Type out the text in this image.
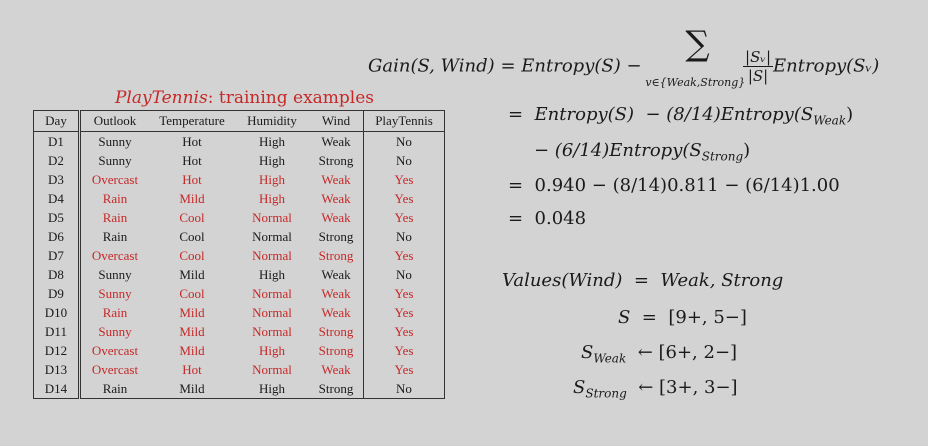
PlayTennis: training examples
Day	Outlook	Temperature	Humidity	Wind	PlayTennis
D1	Sunny	Hot	High	Weak	No
D2	Sunny	Hot	High	Strong	No
D3	Overcast	Hot	High	Weak	Yes
D4	Rain	Mild	High	Weak	Yes
D5	Rain	Cool	Normal	Weak	Yes
D6	Rain	Cool	Normal	Strong	No
D7	Overcast	Cool	Normal	Strong	Yes
D8	Sunny	Mild	High	Weak	No
D9	Sunny	Cool	Normal	Weak	Yes
D10	Rain	Mild	Normal	Weak	Yes
D11	Sunny	Mild	Normal	Strong	Yes
D12	Overcast	Mild	High	Strong	Yes
D13	Overcast	Hot	Normal	Weak	Yes
D14	Rain	Mild	High	Strong	No
Gain(S, Wind) = Entropy(S) −
∑
v∈{Weak,Strong}

$\frac{\text{|Sᵥ|}}{|S|}$ Entropy(Sᵥ)
= Entropy(S) − $(8/14)Entropy(S_{Weak})$
− $(6/14)Entropy(S_{Strong})$
= 0.940 − (8/14)0.811 − (6/14)1.00
= 0.048
Values(Wind) = Weak, Strong
S = [9+, 5−]
$S_{Weak}$ ← [6+, 2−]
$S_{Strong}$ ← [3+, 3−]
